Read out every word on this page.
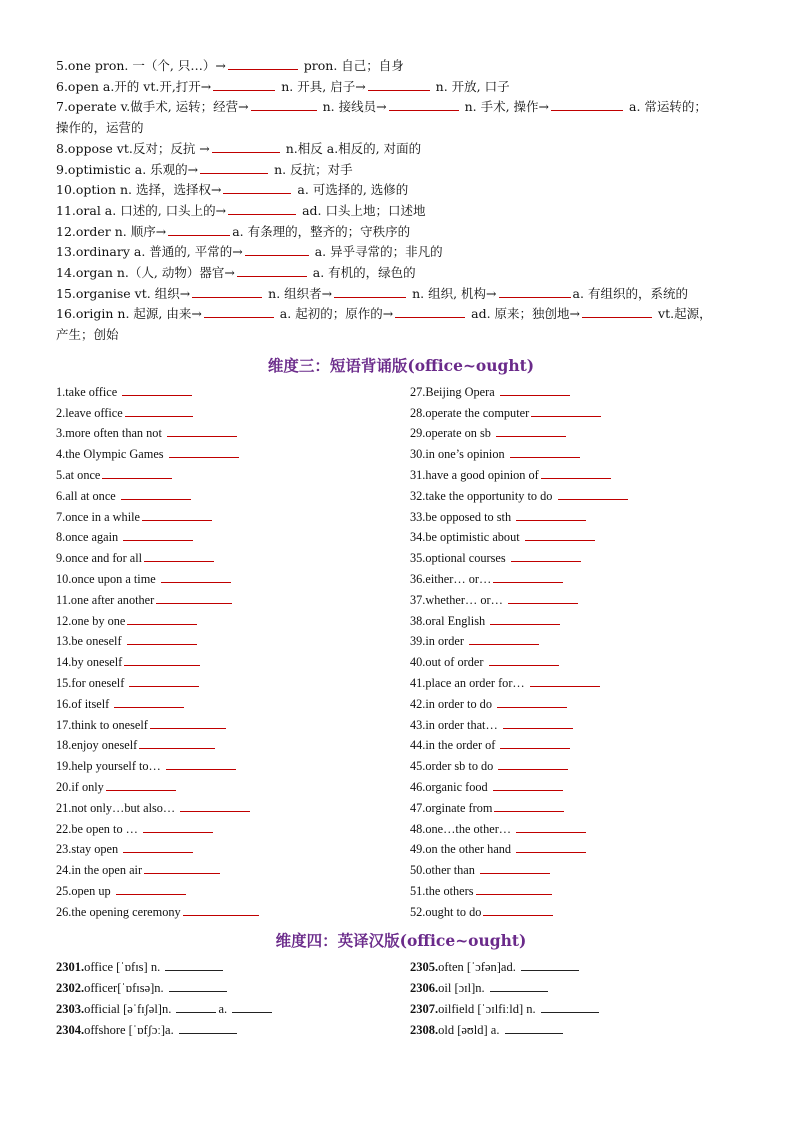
5.one pron. 一（个, 只…）→	pron. 自己；自身
6.open a.开的 vt.开,打开→	n. 开具, 启子→	n. 开放, 口子
7.operate v.做手术, 运转；经营→	n. 接线员→	n. 手术, 操作→	a. 常运转的；
操作的，运营的
8.oppose vt.反对；反抗 →	n.相反 a.相反的, 对面的
9.optimistic a. 乐观的→	n. 反抗；对手
10.option n. 选择，选择权→	a. 可选择的, 选修的
11.oral a. 口述的, 口头上的→	ad. 口头上地；口述地
12.order n. 顺序→	a. 有条理的，整齐的；守秩序的
13.ordinary a. 普通的, 平常的→	a. 异乎寻常的；非凡的
14.organ n.（人, 动物）器官→	a. 有机的，绿色的
15.organise vt. 组织→	n. 组织者→	n. 组织, 机构→	a. 有组织的，系统的
16.origin n. 起源, 由来→	a. 起初的；原作的→	ad. 原来；独创地→	vt.起源，
产生；创始
维度三：短语背诵版(office~ought)
1.take office
2.leave office
3.more often than not
4.the Olympic Games
5.at once
6.all at once
7.once in a while
8.once again
9.once and for all
10.once upon a time
11.one after another
12.one by one
13.be oneself
14.by oneself
15.for oneself
16.of itself
17.think to oneself
18.enjoy oneself
19.help yourself to…
20.if only
21.not only…but also…
22.be open to …
23.stay open
24.in the open air
25.open up
26.the opening ceremony
27.Beijing Opera
28.operate the computer
29.operate on sb
30.in one’s opinion
31.have a good opinion of
32.take the opportunity to do
33.be opposed to sth
34.be optimistic about
35.optional courses
36.either… or…
37.whether… or…
38.oral English
39.in order
40.out of order
41.place an order for…
42.in order to do
43.in order that…
44.in the order of
45.order sb to do
46.organic food
47.orginate from
48.one…the other…
49.on the other hand
50.other than
51.the others
52.ought to do
维度四：英译汉版(office~ought)
2301.office [ˈɒfɪs] n.
2302.officer[ˈɒfɪsə]n.
2303.official [əˈfɪʃəl]n.	a.
2304.offshore [ˈɒfʃɔː]a.
2305.often [ˈɔfən]ad.
2306.oil [ɔɪl]n.
2307.oilfield [ˈɔɪlfiːld] n.
2308.old [əʊld] a.
